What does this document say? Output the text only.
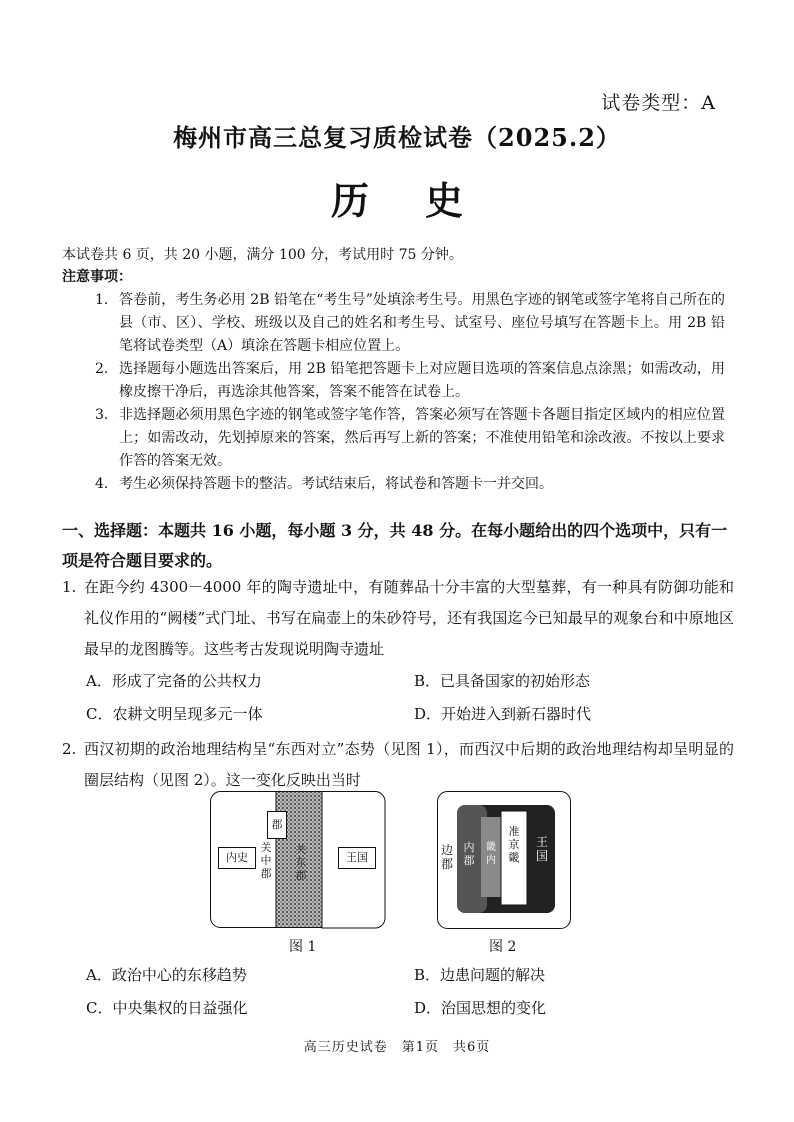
试卷类型：A
梅州市高三总复习质检试卷（2025.2）
历 史
本试卷共 6 页，共 20 小题，满分 100 分，考试用时 75 分钟。
注意事项：
1. 答卷前，考生务必用 2B 铅笔在“考生号”处填涂考生号。用黑色字迹的钢笔或签字笔将自己所在的县（市、区）、学校、班级以及自己的姓名和考生号、试室号、座位号填写在答题卡上。用 2B 铅笔将试卷类型（A）填涂在答题卡相应位置上。
2. 选择题每小题选出答案后，用 2B 铅笔把答题卡上对应题目选项的答案信息点涂黑；如需改动，用橡皮擦干净后，再选涂其他答案，答案不能答在试卷上。
3. 非选择题必须用黑色字迹的钢笔或签字笔作答，答案必须写在答题卡各题目指定区域内的相应位置上；如需改动，先划掉原来的答案，然后再写上新的答案；不准使用铅笔和涂改液。不按以上要求作答的答案无效。
4. 考生必须保持答题卡的整洁。考试结束后，将试卷和答题卡一并交回。
一、选择题：本题共 16 小题，每小题 3 分，共 48 分。在每小题给出的四个选项中，只有一项是符合题目要求的。
1. 在距今约 4300－4000 年的陶寺遗址中，有随葬品十分丰富的大型墓葬，有一种具有防御功能和礼仪作用的“阙楼”式门址、书写在扁壶上的朱砂符号，还有我国迄今已知最早的观象台和中原地区最早的龙图腾等。这些考古发现说明陶寺遗址
A．形成了完备的公共权力	B．已具备国家的初始形态
C．农耕文明呈现多元一体	D．开始进入到新石器时代
2. 西汉初期的政治地理结构呈“东西对立”态势（见图 1），而西汉中后期的政治地理结构却呈明显的圈层结构（见图 2）。这一变化反映出当时
内史
郡
关中郡
关东郡
王国
图 1
边郡
内郡
畿内
准京畿
王国
图 2
A．政治中心的东移趋势	B．边患问题的解决
C．中央集权的日益强化	D．治国思想的变化
高三历史试卷　第1页　共6页
